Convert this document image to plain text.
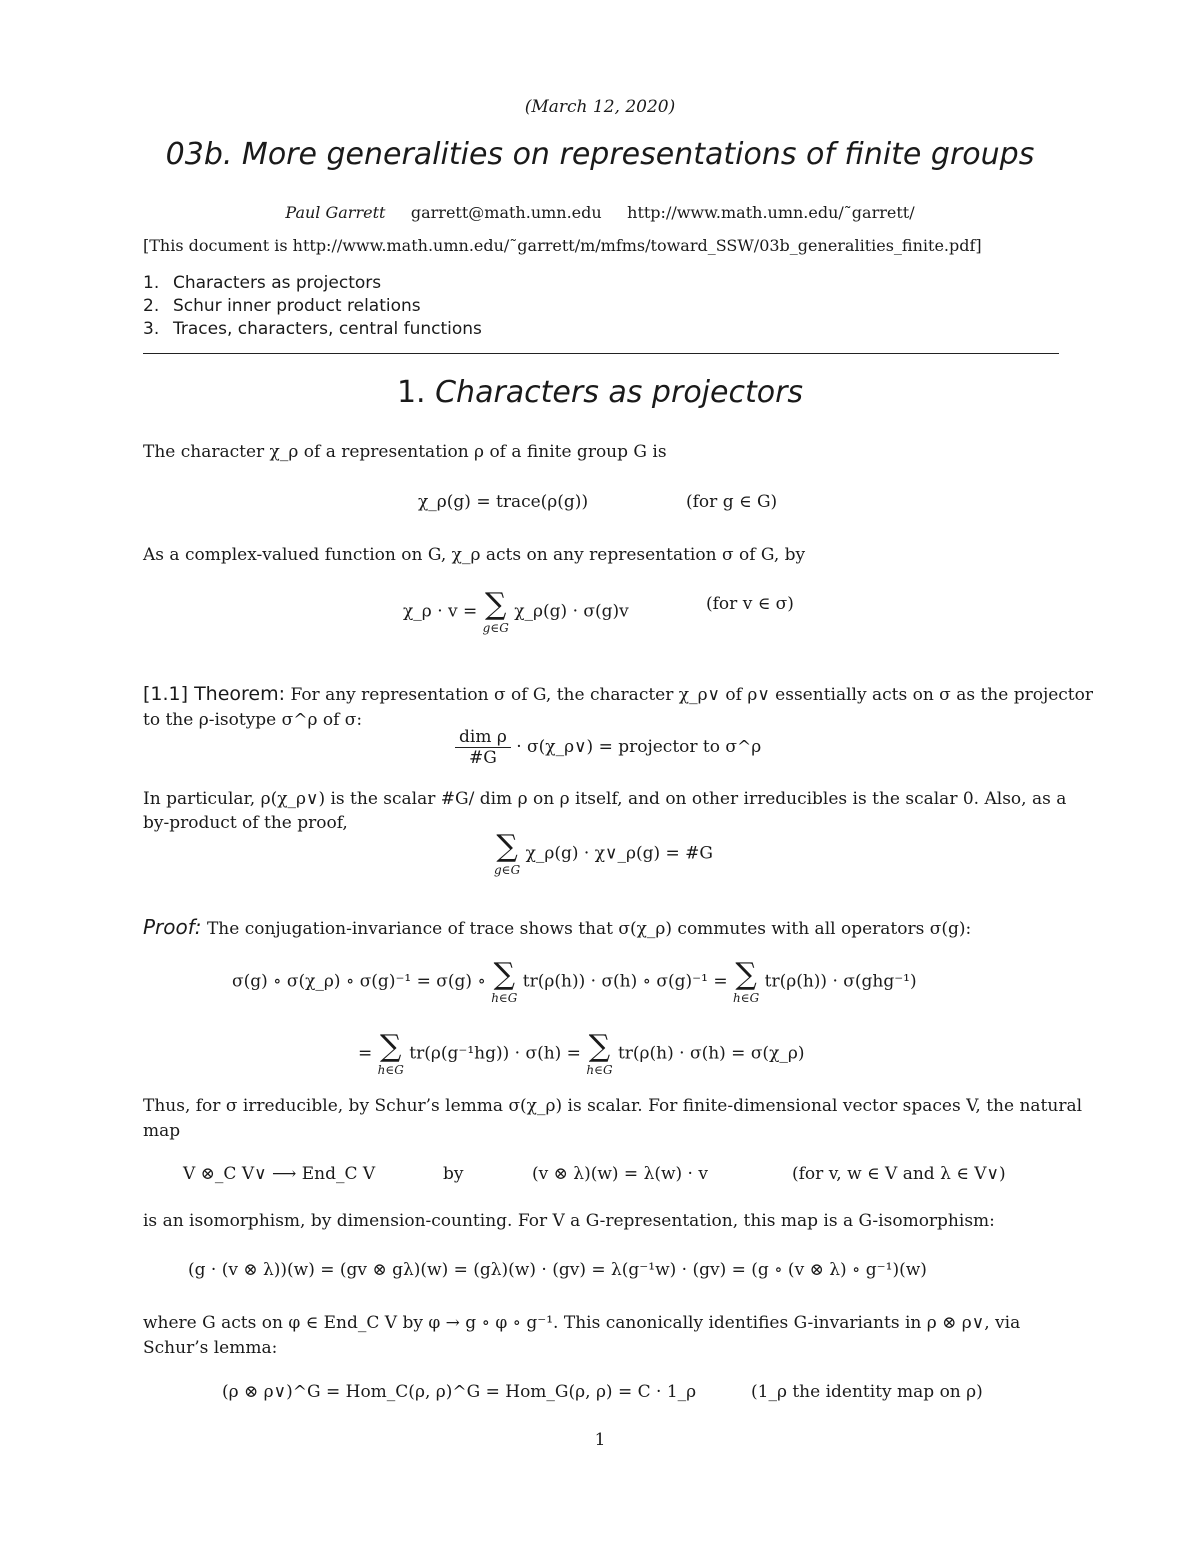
(March 12, 2020)
03b. More generalities on representations of finite groups
Paul Garrett garrett@math.umn.edu http://www.math.umn.edu/˜garrett/
[This document is http://www.math.umn.edu/˜garrett/m/mfms/toward_SSW/03b_generalities_finite.pdf]
1. Characters as projectors
2. Schur inner product relations
3. Traces, characters, central functions
1. Characters as projectors
The character χ_ρ of a representation ρ of a finite group G is
χ_ρ(g) = trace(ρ(g))	(for g ∈ G)
As a complex-valued function on G, χ_ρ acts on any representation σ of G, by
χ_ρ · v = ∑
g∈G
χ_ρ(g) · σ(g)v	(for v ∈ σ)
[1.1] Theorem: For any representation σ of G, the character χ_ρ∨ of ρ∨ essentially acts on σ as the projector
to the ρ-isotype σ^ρ of σ:
$\frac{\text{dim ρ}}{\#G}$ · σ(χ_ρ∨) = projector to σ^ρ
In particular, ρ(χ_ρ∨) is the scalar #G/ dim ρ on ρ itself, and on other irreducibles is the scalar 0. Also, as a
by-product of the proof,
∑
g∈G
χ_ρ(g) · χ∨_ρ(g) = #G
Proof: The conjugation-invariance of trace shows that σ(χ_ρ) commutes with all operators σ(g):
σ(g) ∘ σ(χ_ρ) ∘ σ(g)⁻¹ = σ(g) ∘ ∑
h∈G
tr(ρ(h)) · σ(h) ∘ σ(g)⁻¹ = ∑
h∈G
tr(ρ(h)) · σ(ghg⁻¹)
= ∑
h∈G
tr(ρ(g⁻¹hg)) · σ(h) = ∑
h∈G
tr(ρ(h) · σ(h) = σ(χ_ρ)
Thus, for σ irreducible, by Schur’s lemma σ(χ_ρ) is scalar. For finite-dimensional vector spaces V, the natural
map
V ⊗_C V∨ ⟶ End_C V	by	(v ⊗ λ)(w) = λ(w) · v	(for v, w ∈ V and λ ∈ V∨)
is an isomorphism, by dimension-counting. For V a G-representation, this map is a G-isomorphism:
(g · (v ⊗ λ))(w) = (gv ⊗ gλ)(w) = (gλ)(w) · (gv) = λ(g⁻¹w) · (gv) = (g ∘ (v ⊗ λ) ∘ g⁻¹)(w)
where G acts on φ ∈ End_C V by φ → g ∘ φ ∘ g⁻¹. This canonically identifies G-invariants in ρ ⊗ ρ∨, via
Schur’s lemma:
(ρ ⊗ ρ∨)^G = Hom_C(ρ, ρ)^G = Hom_G(ρ, ρ) = C · 1_ρ	(1_ρ the identity map on ρ)
1
